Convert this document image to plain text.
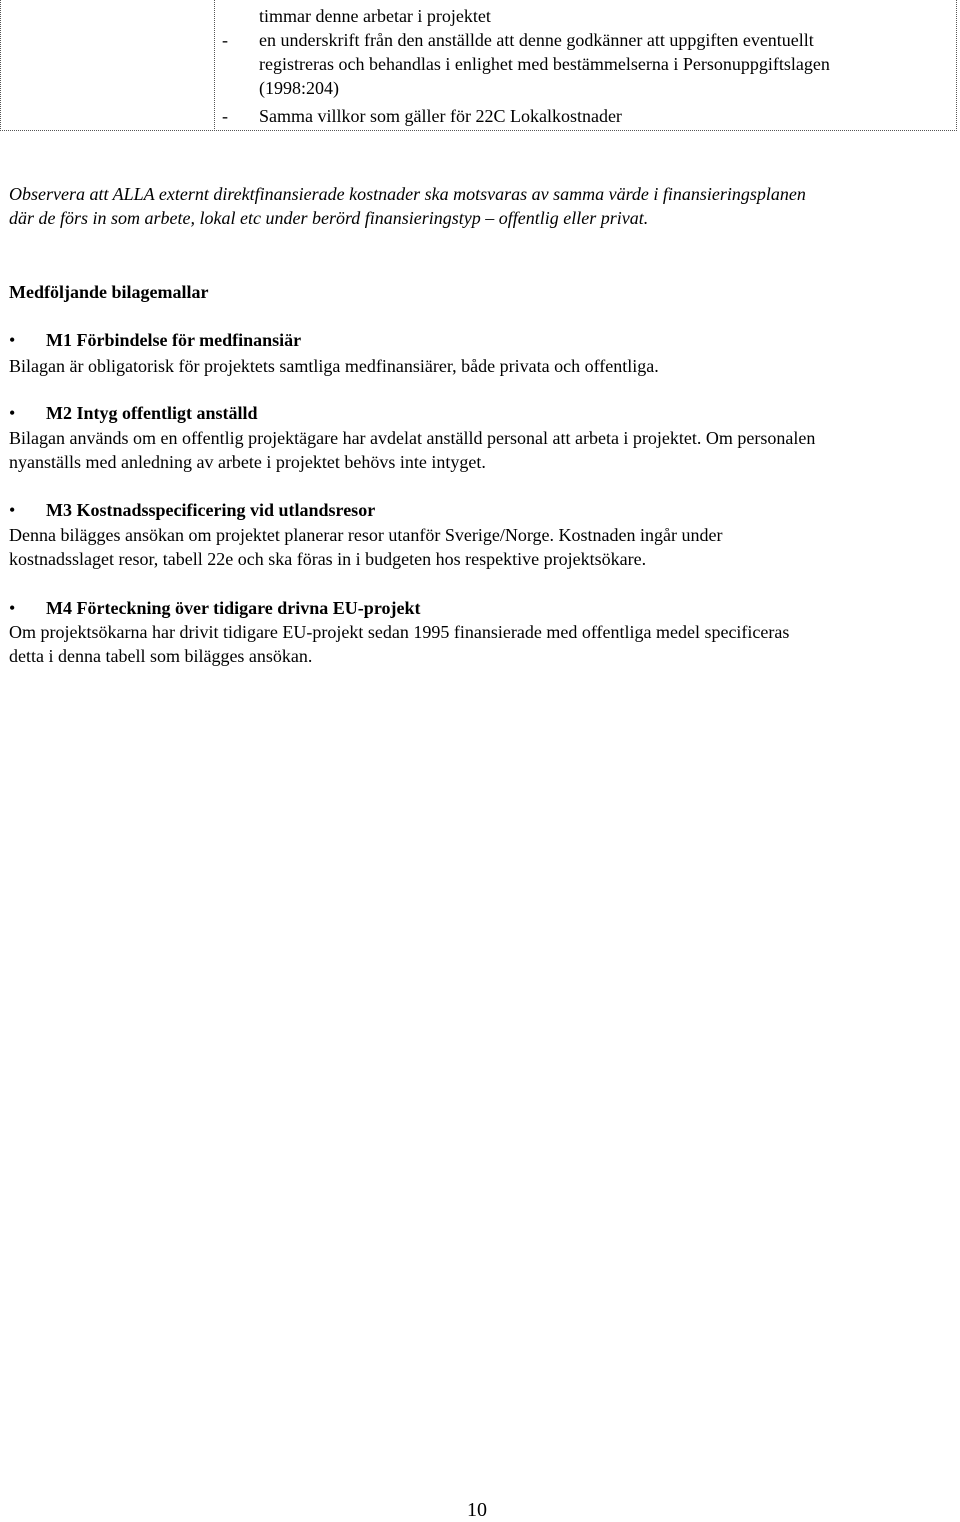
timmar denne arbetar i projektet
- en underskrift från den anställde att denne godkänner att uppgiften eventuellt
registreras och behandlas i enlighet med bestämmelserna i Personuppgiftslagen
(1998:204)
- Samma villkor som gäller för 22C Lokalkostnader
Observera att ALLA externt direktfinansierade kostnader ska motsvaras av samma värde i finansieringsplanen
där de förs in som arbete, lokal etc under berörd finansieringstyp – offentlig eller privat.
Medföljande bilagemallar
• M1 Förbindelse för medfinansiär
Bilagan är obligatorisk för projektets samtliga medfinansiärer, både privata och offentliga.
• M2 Intyg offentligt anställd
Bilagan används om en offentlig projektägare har avdelat anställd personal att arbeta i projektet. Om personalen
nyanställs med anledning av arbete i projektet behövs inte intyget.
• M3 Kostnadsspecificering vid utlandsresor
Denna bilägges ansökan om projektet planerar resor utanför Sverige/Norge. Kostnaden ingår under
kostnadsslaget resor, tabell 22e och ska föras in i budgeten hos respektive projektsökare.
• M4 Förteckning över tidigare drivna EU-projekt
Om projektsökarna har drivit tidigare EU-projekt sedan 1995 finansierade med offentliga medel specificeras
detta i denna tabell som bilägges ansökan.
10
